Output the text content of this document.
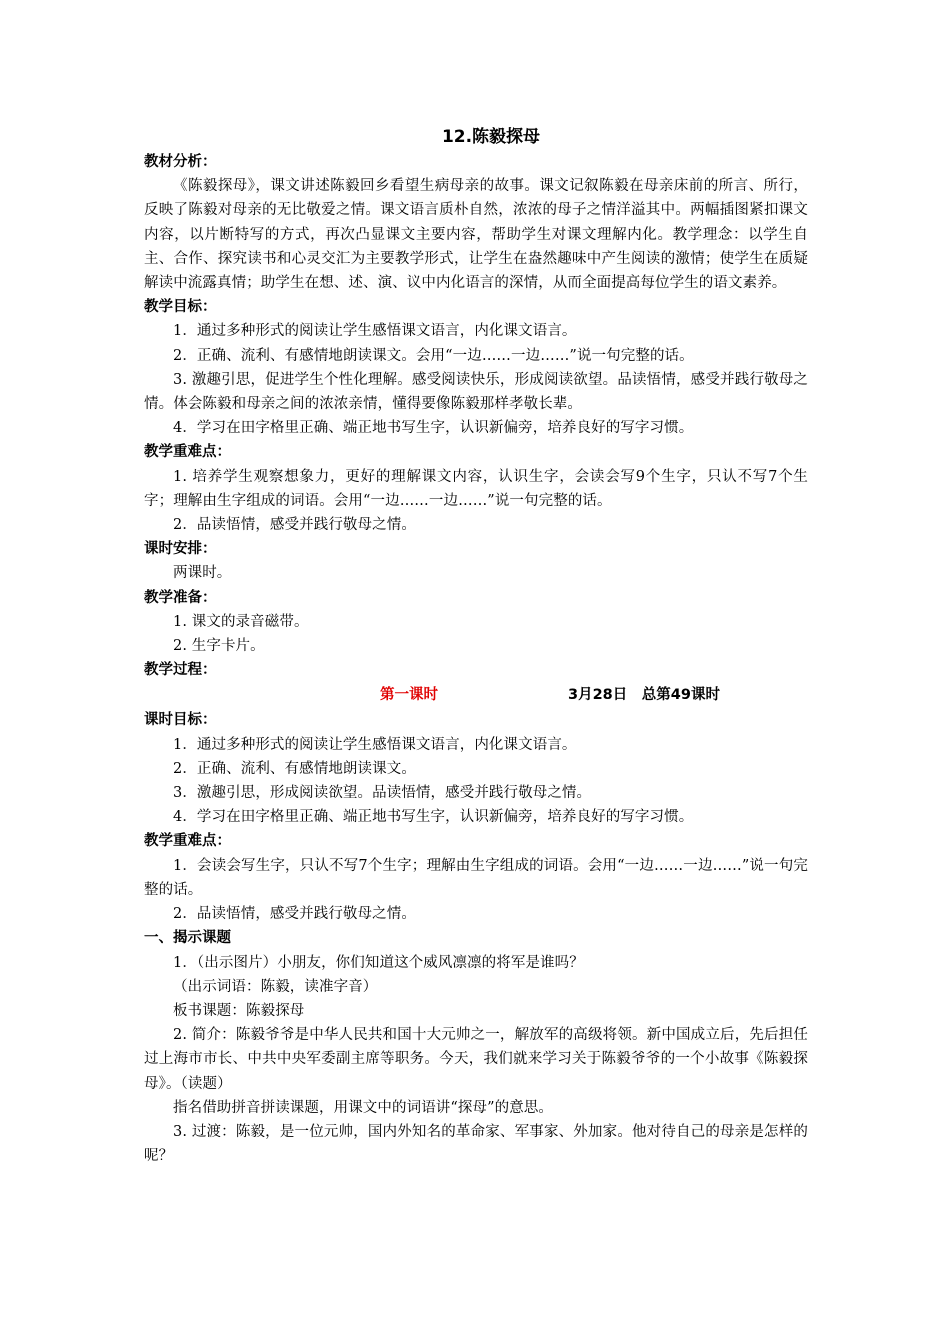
12.陈毅探母
教材分析：
《陈毅探母》，课文讲述陈毅回乡看望生病母亲的故事。课文记叙陈毅在母亲床前的所言、所行，反映了陈毅对母亲的无比敬爱之情。课文语言质朴自然，浓浓的母子之情洋溢其中。两幅插图紧扣课文内容，以片断特写的方式，再次凸显课文主要内容，帮助学生对课文理解内化。教学理念：以学生自主、合作、探究读书和心灵交汇为主要教学形式，让学生在盎然趣味中产生阅读的激情；使学生在质疑解读中流露真情；助学生在想、述、演、议中内化语言的深情，从而全面提高每位学生的语文素养。
教学目标：
1．通过多种形式的阅读让学生感悟课文语言，内化课文语言。
2．正确、流利、有感情地朗读课文。会用“一边……一边……”说一句完整的话。
3. 激趣引思，促进学生个性化理解。感受阅读快乐，形成阅读欲望。品读悟情，感受并践行敬母之情。体会陈毅和母亲之间的浓浓亲情，懂得要像陈毅那样孝敬长辈。
4．学习在田字格里正确、端正地书写生字，认识新偏旁，培养良好的写字习惯。
教学重难点：
1. 培养学生观察想象力，更好的理解课文内容，认识生字，会读会写9个生字，只认不写7个生字；理解由生字组成的词语。会用“一边……一边……”说一句完整的话。
2．品读悟情，感受并践行敬母之情。
课时安排：
两课时。
教学准备：
1. 课文的录音磁带。
2. 生字卡片。
教学过程：
第一课时	3月28日　总第49课时
课时目标：
1．通过多种形式的阅读让学生感悟课文语言，内化课文语言。
2．正确、流利、有感情地朗读课文。
3．激趣引思，形成阅读欲望。品读悟情，感受并践行敬母之情。
4．学习在田字格里正确、端正地书写生字，认识新偏旁，培养良好的写字习惯。
教学重难点：
1．会读会写生字，只认不写7个生字；理解由生字组成的词语。会用“一边……一边……”说一句完整的话。
2．品读悟情，感受并践行敬母之情。
一、揭示课题
1．（出示图片）小朋友，你们知道这个威风凛凛的将军是谁吗？
（出示词语：陈毅，读准字音）
板书课题：陈毅探母
2. 简介：陈毅爷爷是中华人民共和国十大元帅之一，解放军的高级将领。新中国成立后，先后担任过上海市市长、中共中央军委副主席等职务。今天，我们就来学习关于陈毅爷爷的一个小故事《陈毅探母》。（读题）
指名借助拼音拼读课题，用课文中的词语讲“探母”的意思。
3. 过渡：陈毅，是一位元帅，国内外知名的革命家、军事家、外加家。他对待自己的母亲是怎样的呢？
